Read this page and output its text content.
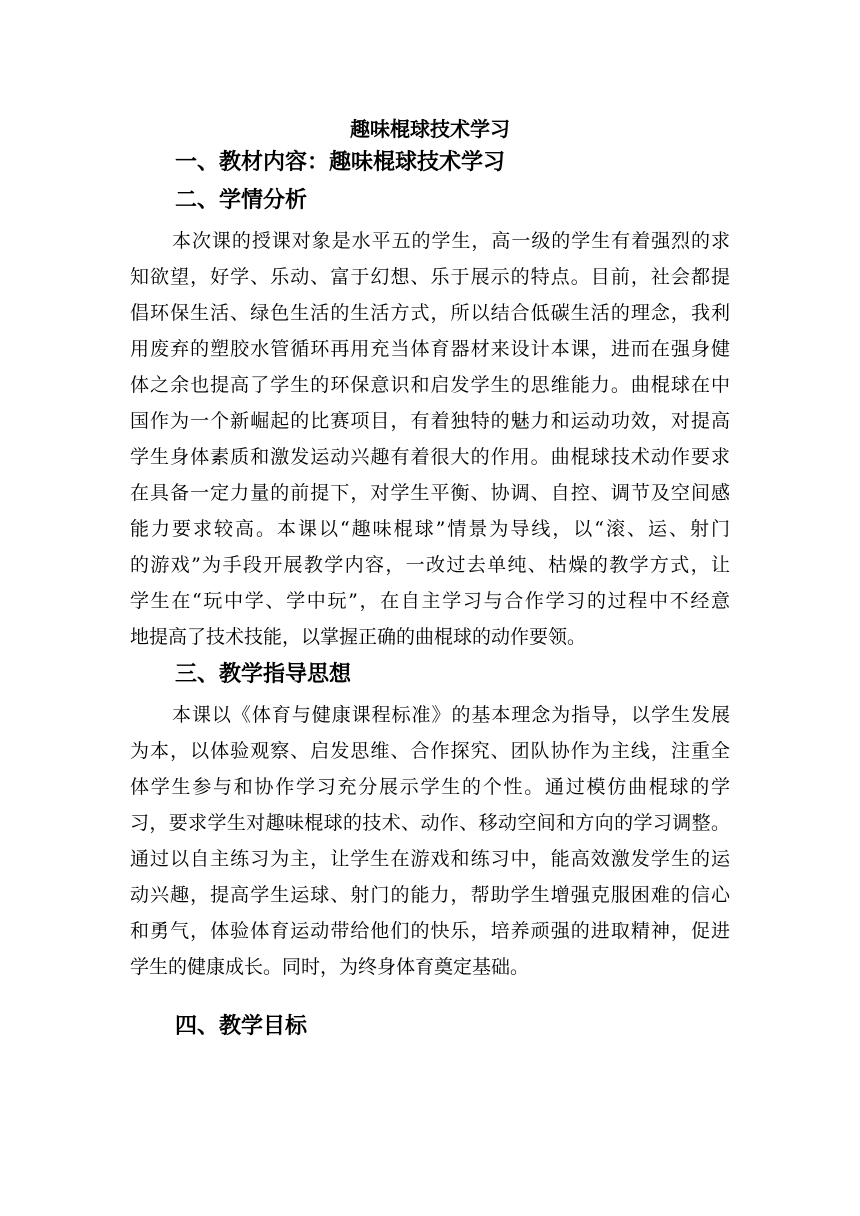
趣味棍球技术学习
一、教材内容：趣味棍球技术学习
二、学情分析
本次课的授课对象是水平五的学生，高一级的学生有着强烈的求
知欲望，好学、乐动、富于幻想、乐于展示的特点。目前，社会都提
倡环保生活、绿色生活的生活方式，所以结合低碳生活的理念，我利
用废弃的塑胶水管循环再用充当体育器材来设计本课，进而在强身健
体之余也提高了学生的环保意识和启发学生的思维能力。曲棍球在中
国作为一个新崛起的比赛项目，有着独特的魅力和运动功效，对提高
学生身体素质和激发运动兴趣有着很大的作用。曲棍球技术动作要求
在具备一定力量的前提下，对学生平衡、协调、自控、调节及空间感
能力要求较高。本课以“趣味棍球”情景为导线，以“滚、运、射门
的游戏”为手段开展教学内容，一改过去单纯、枯燥的教学方式，让
学生在“玩中学、学中玩”，在自主学习与合作学习的过程中不经意
地提高了技术技能，以掌握正确的曲棍球的动作要领。
三、教学指导思想
本课以《体育与健康课程标准》的基本理念为指导，以学生发展
为本，以体验观察、启发思维、合作探究、团队协作为主线，注重全
体学生参与和协作学习充分展示学生的个性。通过模仿曲棍球的学
习，要求学生对趣味棍球的技术、动作、移动空间和方向的学习调整。
通过以自主练习为主，让学生在游戏和练习中，能高效激发学生的运
动兴趣，提高学生运球、射门的能力，帮助学生增强克服困难的信心
和勇气，体验体育运动带给他们的快乐，培养顽强的进取精神，促进
学生的健康成长。同时，为终身体育奠定基础。
四、教学目标
